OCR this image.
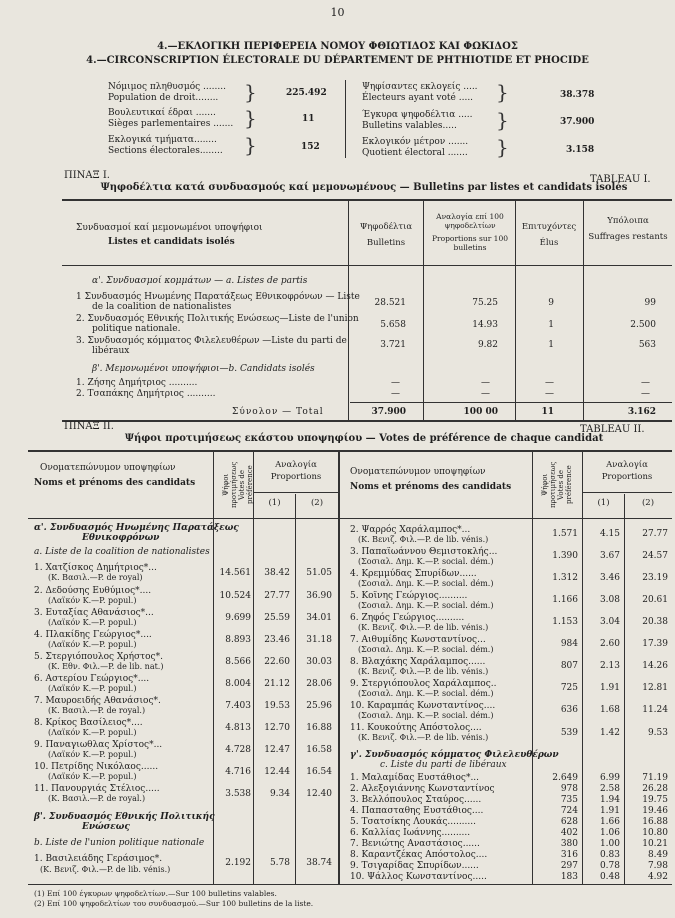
10
4.—ΕΚΛΟΓΙΚΗ ΠΕΡΙΦΕΡΕΙΑ ΝΟΜΟΥ ΦΘΙΩΤΙΔΟΣ ΚΑΙ ΦΩΚΙΔΟΣ
4.—CIRCONSCRIPTION ÉLECTORALE DU DÉPARTEMENT DE PHTHIOTIDE ET PHOCIDE
Νόμιμος πληθυσμός ........
Population de droit........ }	225.492
Βουλευτικαί έδραι .......
Sièges parlementaires ....... }	11
Εκλογικά τμήματα........
Sections électorales........ }	152
Ψηφίσαντες εκλογείς .....
Électeurs ayant voté ..... }	38.378
Έγκυρα ψηφοδέλτια .....
Bulletins valables..... }	37.900
Εκλογικόν μέτρον .......
Quotient électoral ....... }	3.158
ΠΙΝΑΞ I.	TABLEAU I.
Ψηφοδέλτια κατά συνδυασμούς καί μεμονωμένους — Bulletins par listes et candidats isolés
Συνδυασμοί καί μεμονωμένοι υποψήφιοι
Listes et candidats isolés
Ψηφοδέλτια
Bulletins
Αναλογία επί 100 ψηφοδελτίων
Proportions sur 100 bulletins
Επιτυχόντες
Élus
Υπόλοιπα
Suffrages restants
α'. Συνδυασμοί κομμάτων — a. Listes de partis
1 Συνδυασμός Ηνωμένης Παρατάξεως Εθνικοφρόνων — Liste
de la coalition de nationalistes	28.521	75.25	9	99
2. Συνδυασμός Εθνικής Πολιτικής Ενώσεως—Liste de l'union
politique nationale.	5.658	14.93	1	2.500
3. Συνδυασμός κόμματος Φιλελευθέρων —Liste du parti de
libéraux
3.721	9.82	1	563
β'. Μεμονωμένοι υποψήφιοι—b. Candidats isolés
1. Ζήσης Δημήτριος ..........	—	—	—	—
2. Τσαπάκης Δημήτριος ..........	—	—	—	—
Σύνολον — Total	37.900	100 00	11	3.162
ΠΙΝΑΞ II.	TABLEAU II.
Ψήφοι προτιμήσεως εκάστου υποψηφίου — Votes de préférence de chaque candidat
Ονοματεπώνυμον υποψηφίων
Noms et prénoms des candidats	Ψήφοι προτιμήσεως Votes de préférence
Αναλογία
Proportions
(1)	(2)
Ονοματεπώνυμον υποψηφίων
Noms et prénoms des candidats	Ψήφοι προτιμήσεως Votes de préférence
Αναλογία
Proportions
(1)	(2)
α'. Συνδυασμός Ηνωμένης Παρατάξεως
Εθνικοφρόνων
a. Liste de la coalition de nationalistes
1. Χατζίσκος Δημήτριος*...
(Κ. Βασιλ.—P. de royal)	14.561	38.42	51.05
2. Δεδούσης Ευθύμιος*....
(Λαϊκόν Κ.—P. popul.)	10.524	27.77	36.90
3. Ευταξίας Αθανάσιος*...
(Λαϊκόν Κ.—P. popul.)	9.699	25.59	34.01
4. Πλακίδης Γεώργιος*....
(Λαϊκόν Κ.—P. popul.)	8.893	23.46	31.18
5. Στεργιόπουλος Χρήστος*.
(Κ. Εθν. Φιλ.—P. de lib. nat.)	8.566	22.60	30.03
6. Αστερίου Γεώργιος*....
(Λαϊκόν Κ.—P. popul.)	8.004	21.12	28.06
7. Μαυροειδής Αθανάσιος*.
(Κ. Βασιλ.—P. de royal.)	7.403	19.53	25.96
8. Κρίκος Βασίλειος*....
(Λαϊκόν Κ.—P. popul.)	4.813	12.70	16.88
9. Παναγιωθλας Χρίστος*...
(Λαϊκόν Κ.—P. popul.)	4.728	12.47	16.58
10. Πετρίδης Νικόλαος......
(Λαϊκόν Κ.—P. popul.)	4.716	12.44	16.54
11. Πανουργιάς Στέλιος.....
(Κ. Βασιλ.—P. de royal.)	3.538	9.34	12.40
β'. Συνδυασμός Εθνικής Πολιτικής
Ενώσεως
b. Liste de l'union politique nationale
1. Βασιλειάδης Γεράσιμος*.
(Κ. Βενιζ. Φιλ.—P. de lib. vénis.)
2.192	5.78	38.74
2. Ψαρρός Χαράλαμπος*...
(Κ. Βενιζ. Φιλ.—P. de lib. vénis.)
1.571	4.15	27.77
3. Παπαϊωάννου Θεμιστοκλής...
(Σοσιαλ. Δημ. Κ.—P. social. dém.)
1.390	3.67	24.57
4. Κρεμμύδας Σπυρίδων......
(Σοσιαλ. Δημ. Κ.—P. social. dém.)
1.312	3.46	23.19
5. Κοϊνης Γεώργιος..........
(Σοσιαλ. Δημ. Κ.—P. social. dém.)
1.166	3.08	20.61
6. Ζηφός Γεώργιος..........
(Κ. Βενιζ. Φιλ.—P. de lib. vénis.)
1.153	3.04	20.38
7. Αιθυμίδης Κωνσταντίνος...
(Σοσιαλ. Δημ. Κ.—P. social. dém.)
984	2.60	17.39
8. Βλαχάκης Χαράλαμπος......
(Κ. Βενιζ. Φιλ.—P. de lib. vénis.)
807	2.13	14.26
9. Στεργιόπουλος Χαράλαμπος..
(Σοσιαλ. Δημ. Κ.—P. social. dém.)
725	1.91	12.81
10. Καραμπάς Κωνσταντίνος....
(Σοσιαλ. Δημ. Κ.—P. social. dém.)
636	1.68	11.24
11. Κουκούτης Απόστολος....
(Κ. Βενιζ. Φιλ.—P. de lib. vénis.)	539	1.42	9.53
γ'. Συνδυασμός κόμματος Φιλελευθέρων
c. Liste du parti de libéraux
1. Μαλαμίδας Ευστάθιος*...	2.649	6.99	71.19
2. Αλεξογιάννης Κωνσταντίνος	978	2.58	26.28
3. Βελλόπουλος Σταύρος......	735	1.94	19.75
4. Παπασταθης Ευστάθιος....	724	1.91	19.46
5. Τσατσίκης Λουκάς..........	628	1.66	16.88
6. Καλλίας Ιωάννης..........	402	1.06	10.80
7. Βενιώτης Αναστάσιος......	380	1.00	10.21
8. Καραντζέκας Απόστολος....	316	0.83	8.49
9. Τσιγαρίδας Σπυρίδων......	297	0.78	7.98
10. Ψάλλος Κωνσταντίνος.....	183	0.48	4.92
(1) Επί 100 έγκυρων ψηφοδελτίων.—Sur 100 bulletins valables.
(2) Επί 100 ψηφοδελτίων του συνδυασμού.—Sur 100 bulletins de la liste.
